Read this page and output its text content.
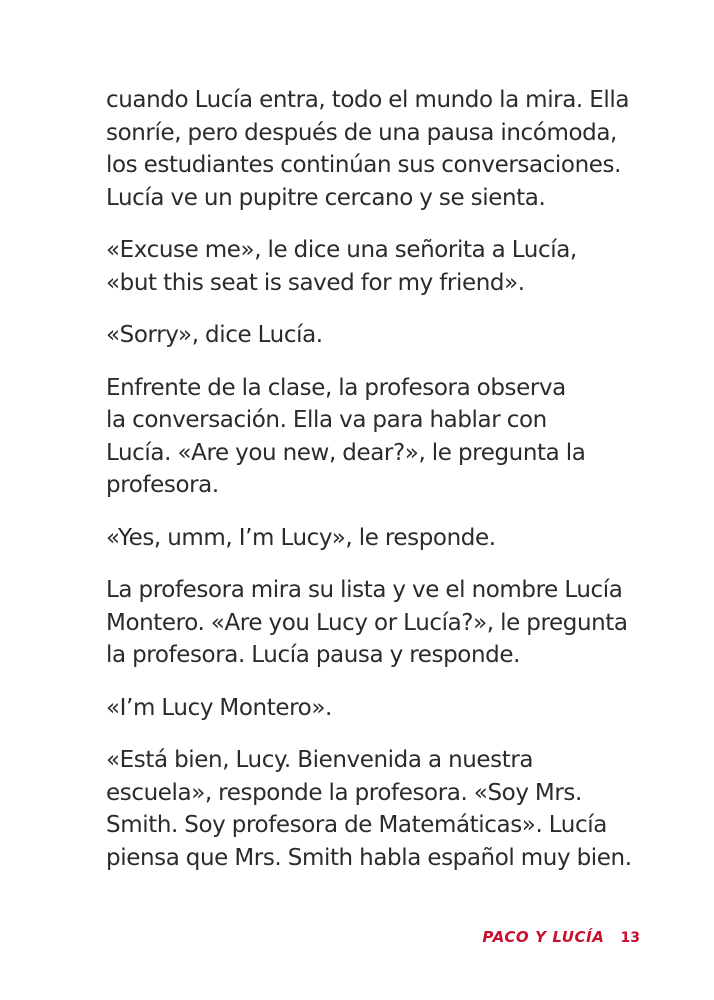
cuando Lucía entra, todo el mundo la mira. Ella
sonríe, pero después de una pausa incómoda,
los estudiantes continúan sus conversaciones.
Lucía ve un pupitre cercano y se sienta.

«Excuse me», le dice una señorita a Lucía,
«but this seat is saved for my friend».

«Sorry», dice Lucía.

Enfrente de la clase, la profesora observa
la conversación. Ella va para hablar con
Lucía. «Are you new, dear?», le pregunta la
profesora.

«Yes, umm, I’m Lucy», le responde.

La profesora mira su lista y ve el nombre Lucía
Montero. «Are you Lucy or Lucía?», le pregunta
la profesora. Lucía pausa y responde.

«I’m Lucy Montero».

«Está bien, Lucy. Bienvenida a nuestra
escuela», responde la profesora. «Soy Mrs.
Smith. Soy profesora de Matemáticas». Lucía
piensa que Mrs. Smith habla español muy bien.

PACO Y LUCÍA 13
